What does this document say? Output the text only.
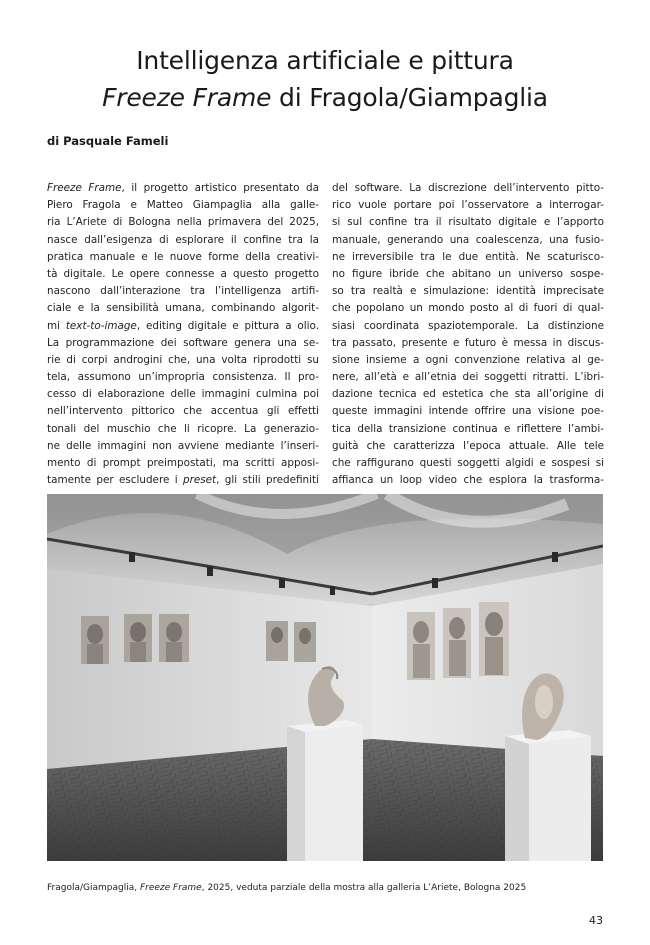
Intelligenza artificiale e pittura
Freeze Frame di Fragola/Giampaglia
di Pasquale Fameli
Freeze Frame, il progetto artistico presentato da
Piero Fragola e Matteo Giampaglia alla galle-
ria L’Ariete di Bologna nella primavera del 2025,
nasce dall’esigenza di esplorare il confine tra la
pratica manuale e le nuove forme della creativi-
tà digitale. Le opere connesse a questo progetto
nascono dall’interazione tra l’intelligenza artifi-
ciale e la sensibilità umana, combinando algorit-
mi text-to-image, editing digitale e pittura a olio.
La programmazione dei software genera una se-
rie di corpi androgini che, una volta riprodotti su
tela, assumono un’impropria consistenza. Il pro-
cesso di elaborazione delle immagini culmina poi
nell’intervento pittorico che accentua gli effetti
tonali del muschio che li ricopre. La generazio-
ne delle immagini non avviene mediante l’inseri-
mento di prompt preimpostati, ma scritti apposi-
tamente per escludere i preset, gli stili predefiniti
del software. La discrezione dell’intervento pitto-
rico vuole portare poi l’osservatore a interrogar-
si sul confine tra il risultato digitale e l’apporto
manuale, generando una coalescenza, una fusio-
ne irreversibile tra le due entità. Ne scaturisco-
no figure ibride che abitano un universo sospe-
so tra realtà e simulazione: identità imprecisate
che popolano un mondo posto al di fuori di qual-
siasi coordinata spaziotemporale. La distinzione
tra passato, presente e futuro è messa in discus-
sione insieme a ogni convenzione relativa al ge-
nere, all’età e all’etnia dei soggetti ritratti. L’ibri-
dazione tecnica ed estetica che sta all’origine di
queste immagini intende offrire una visione poe-
tica della transizione continua e riflettere l’ambi-
guità che caratterizza l’epoca attuale. Alle tele
che raffigurano questi soggetti algidi e sospesi si
affianca un loop video che esplora la trasforma-
Fragola/Giampaglia, Freeze Frame, 2025, veduta parziale della mostra alla galleria L’Ariete, Bologna 2025
43
